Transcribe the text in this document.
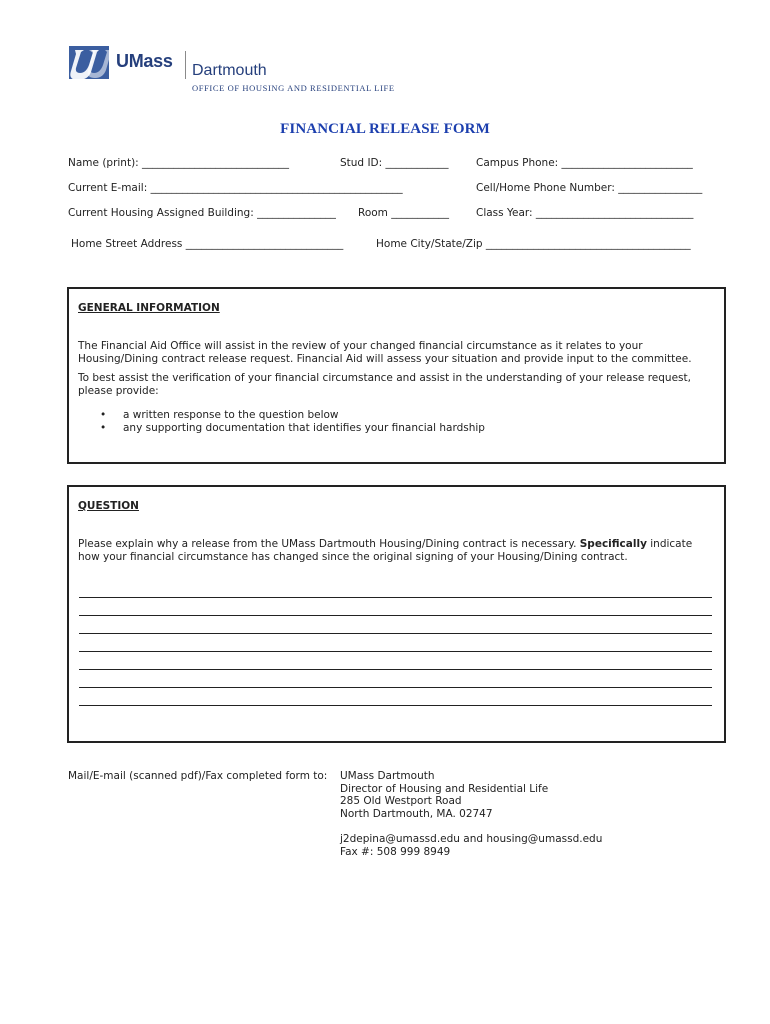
UMass Dartmouth
OFFICE OF HOUSING AND RESIDENTIAL LIFE
FINANCIAL RELEASE FORM
Name (print): ____________________________	Stud ID: ____________	Campus Phone: _________________________
Current E-mail: ________________________________________________	Cell/Home Phone Number: ________________
Current Housing Assigned Building: _______________ Room ___________	Class Year: ______________________________
Home Street Address ______________________________	Home City/State/Zip _______________________________________
GENERAL INFORMATION
The Financial Aid Office will assist in the review of your changed financial circumstance as it relates to your Housing/Dining contract release request. Financial Aid will assess your situation and provide input to the committee.
To best assist the verification of your financial circumstance and assist in the understanding of your release request, please provide:
• a written response to the question below
• any supporting documentation that identifies your financial hardship
QUESTION
Please explain why a release from the UMass Dartmouth Housing/Dining contract is necessary. Specifically indicate how your financial circumstance has changed since the original signing of your Housing/Dining contract.
Mail/E-mail (scanned pdf)/Fax completed form to: UMass Dartmouth
Director of Housing and Residential Life
285 Old Westport Road
North Dartmouth, MA. 02747
j2depina@umassd.edu and housing@umassd.edu
Fax #: 508 999 8949
